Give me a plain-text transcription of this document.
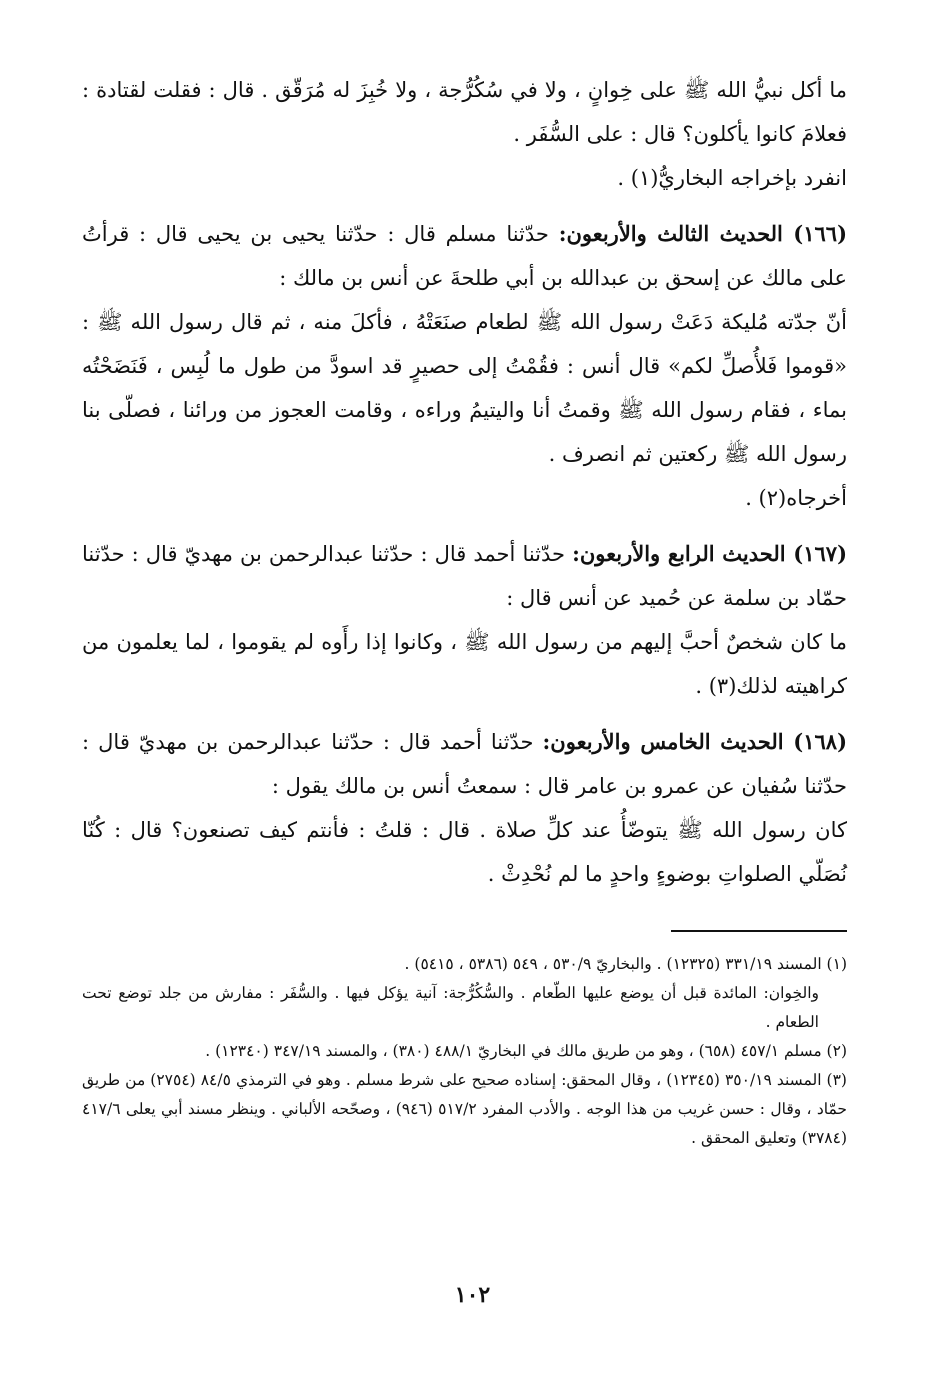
ما أكل نبيُّ الله ﷺ على خِوانٍ ، ولا في سُكُرُّجة ، ولا خُبِزَ له مُرَقّق . قال : فقلت لقتادة : فعلامَ كانوا يأكلون؟ قال : على السُّفَر .

انفرد بإخراجه البخاريُّ(١) .

(١٦٦) الحديث الثالث والأربعون: حدّثنا مسلم قال : حدّثنا يحيى بن يحيى قال : قرأتُ على مالك عن إسحق بن عبدالله بن أبي طلحةَ عن أنس بن مالك :

أنّ جدّته مُليكة دَعَتْ رسول الله ﷺ لطعام صنَعَتْهُ ، فأكلَ منه ، ثم قال رسول الله ﷺ : «قوموا فَلأُصلِّ لكم» قال أنس : فقُمْتُ إلى حصيرٍ قد اسودَّ من طول ما لُبِس ، فَنَضَحْتُه بماء ، فقام رسول الله ﷺ وقمتُ أنا واليتيمُ وراءه ، وقامت العجوز من ورائنا ، فصلّى بنا رسول الله ﷺ ركعتين ثم انصرف .

أخرجاه(٢) .

(١٦٧) الحديث الرابع والأربعون: حدّثنا أحمد قال : حدّثنا عبدالرحمن بن مهديّ قال : حدّثنا حمّاد بن سلمة عن حُميد عن أنس قال :

ما كان شخصٌ أحبَّ إليهم من رسول الله ﷺ ، وكانوا إذا رأَوه لم يقوموا ، لما يعلمون من كراهيته لذلك(٣) .

(١٦٨) الحديث الخامس والأربعون: حدّثنا أحمد قال : حدّثنا عبدالرحمن بن مهديّ قال : حدّثنا سُفيان عن عمرو بن عامر قال : سمعتُ أنس بن مالك يقول :

كان رسول الله ﷺ يتوضّأُ عند كلِّ صلاة . قال : قلتُ : فأنتم كيف تصنعون؟ قال : كُنّا نُصَلّي الصلواتِ بوضوءٍ واحدٍ ما لم نُحْدِثْ .

(١) المسند ٣٣١/١٩ (١٢٣٢٥) . والبخاريّ ٥٣٠/٩ ، ٥٤٩ (٥٣٨٦ ، ٥٤١٥) .

والخِوان: المائدة قبل أن يوضع عليها الطّعام . والسُّكُرُّجة: آنية يؤكل فيها . والسُّفَر : مفارش من جلد توضع تحت الطعام .

(٢) مسلم ٤٥٧/١ (٦٥٨) ، وهو من طريق مالك في البخاريّ ٤٨٨/١ (٣٨٠) ، والمسند ٣٤٧/١٩ (١٢٣٤٠) .

(٣) المسند ٣٥٠/١٩ (١٢٣٤٥) ، وقال المحقق: إسناده صحيح على شرط مسلم . وهو في الترمذي ٨٤/٥ (٢٧٥٤) من طريق حمّاد ، وقال : حسن غريب من هذا الوجه . والأدب المفرد ٥١٧/٢ (٩٤٦) ، وصحّحه الألباني . وينظر مسند أبي يعلى ٤١٧/٦ (٣٧٨٤) وتعليق المحقق .

١٠٢
